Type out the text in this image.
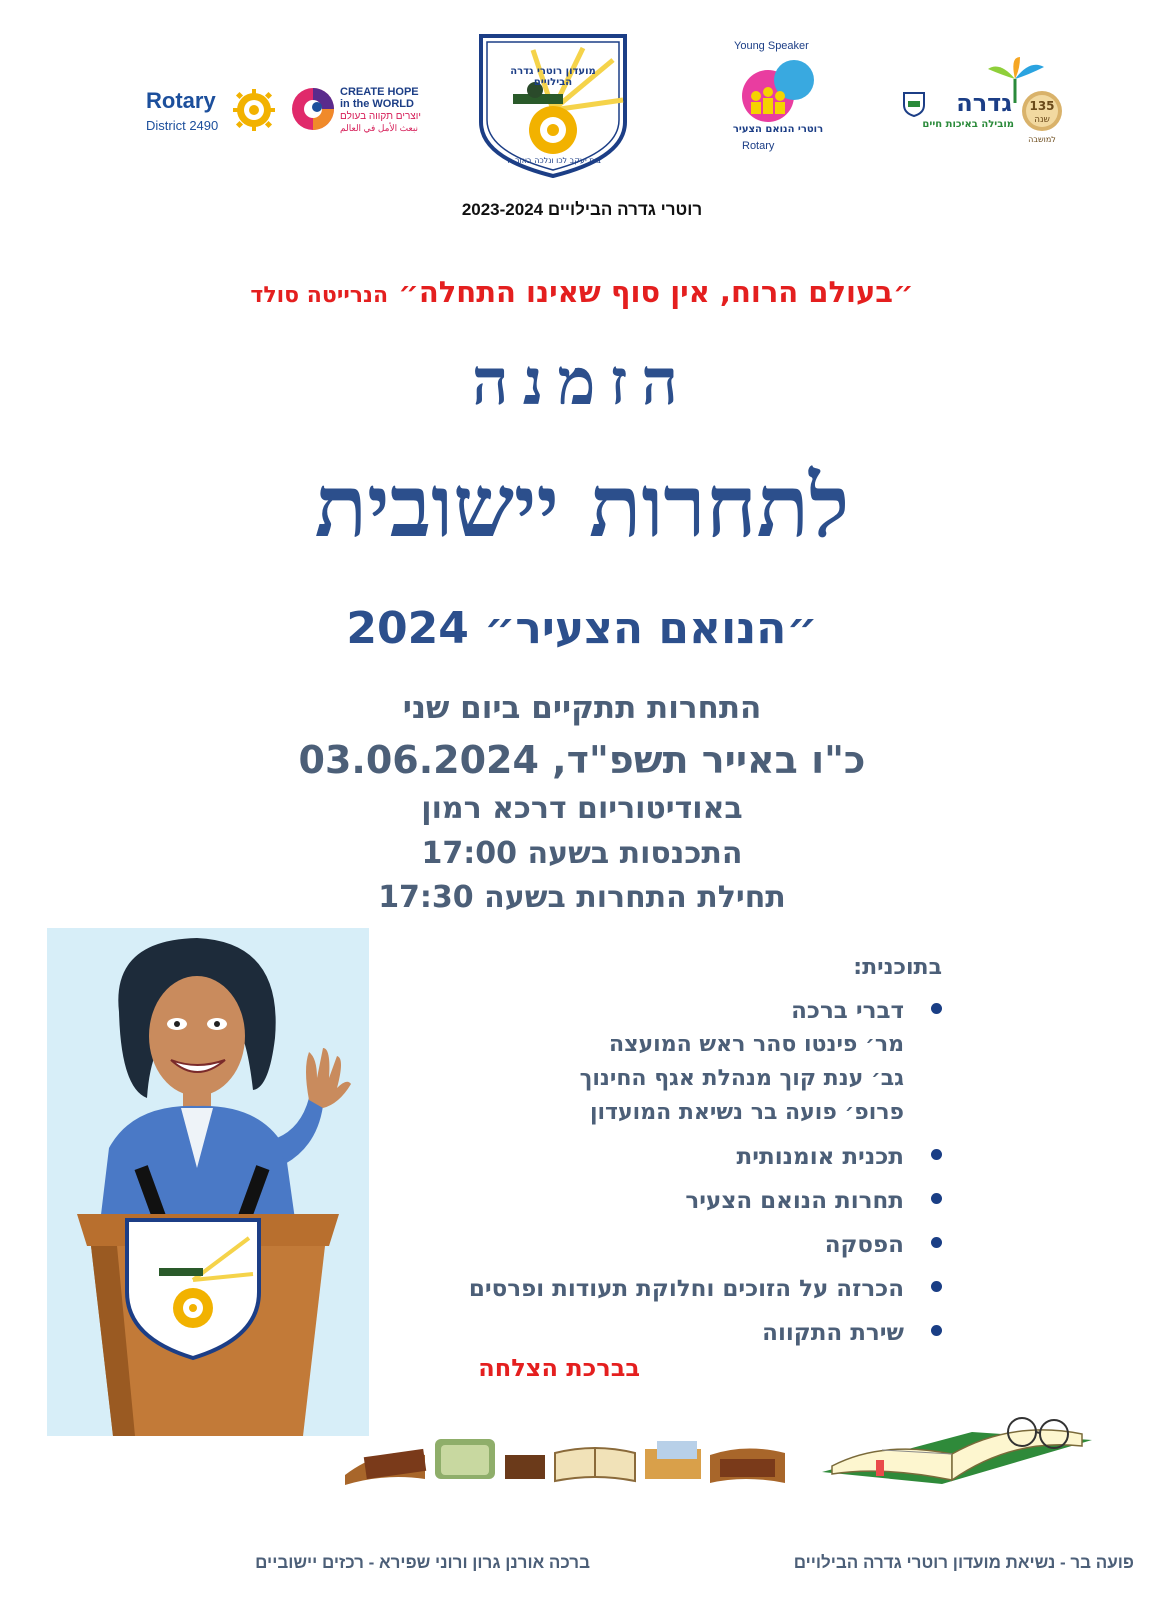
Rotary
District 2490
CREATE HOPE
in the WORLD
יוצרים תקווה בעולם
نبعث الأمل في العالم
מועדון רוטרי גדרה הבילויים
בית יעקב לכו ונלכה באור ה'
Young Speaker
רוטרי הנואם הצעיר
Rotary
135
שנה
גדרה
מובילה באיכות חיים
למושבה
רוטרי גדרה הבילויים 2023-2024
״בעולם הרוח, אין סוף שאינו התחלה״ הנרייטה סולד
הזמנה
לתחרות יישובית
״הנואם הצעיר״ 2024
התחרות תתקיים ביום שני
כ"ו באייר תשפ"ד, 03.06.2024
באודיטוריום דרכא רמון
התכנסות בשעה 17:00
תחילת התחרות בשעה 17:30
בתוכנית:
דברי ברכה
מר׳ פינטו סהר ראש המועצה
גב׳ ענת קוך מנהלת אגף החינוך
פרופ׳ פועה בר נשיאת המועדון
תכנית אומנותית
תחרות הנואם הצעיר
הפסקה
הכרזה על הזוכים וחלוקת תעודות ופרסים
שירת התקווה
בברכת הצלחה
פועה בר - נשיאת מועדון רוטרי גדרה הבילויים
ברכה אורנן גרון ורוני שפירא - רכזים יישוביים
